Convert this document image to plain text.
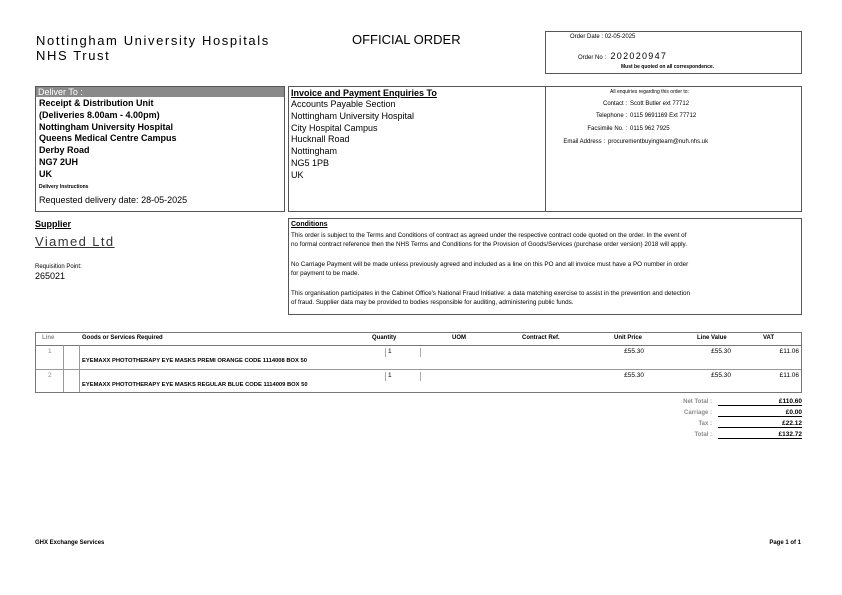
Nottingham University Hospitals
NHS Trust
OFFICIAL ORDER	Order Date : 02-05-2025
Order No : 202020947
Must be quoted on all correspondence.
Deliver To :
Receipt & Distribution Unit
(Deliveries 8.00am - 4.00pm)
Nottingham University Hospital
Queens Medical Centre Campus
Derby Road
NG7 2UH
UK
Delivery Instructions
Requested delivery date: 28-05-2025
Invoice and Payment Enquiries To
Accounts Payable Section
Nottingham University Hospital
City Hospital Campus
Hucknall Road
Nottingham
NG5 1PB
UK
All enquiries regarding this order to:
Contact : Scott Butler ext 77712
Telephone : 0115 9691169 Ext 77712
Facsimile No. : 0115 962 7925
Email Address : procurementbuyingteam@nuh.nhs.uk
Supplier
Viamed Ltd
Requisition Point:
265021
Conditions
This order is subject to the Terms and Conditions of contract as agreed under the respective contract code quoted on the order. In the event of
no formal contract reference then the NHS Terms and Conditions for the Provision of Goods/Services (purchase order version) 2018 will apply.
No Carriage Payment will be made unless previously agreed and included as a line on this PO and all invoice must have a PO number in order
for payment to be made.
This organisation participates in the Cabinet Office's National Fraud Initiative: a data matching exercise to assist in the prevention and detection
of fraud. Supplier data may be provided to bodies responsible for auditing, administering public funds.
Line	Goods or Services Required	Quantity	UOM	Contract Ref.	Unit Price	Line Value	VAT
1	1	£55.30	£55.30	£11.06
EYEMAXX PHOTOTHERAPY EYE MASKS PREMI ORANGE CODE 1114008 BOX 50
2	1	£55.30	£55.30	£11.06
EYEMAXX PHOTOTHERAPY EYE MASKS REGULAR BLUE CODE 1114009 BOX 50
Net Total :	£110.60
Carriage :	£0.00
Tax :	£22.12
Total :	£132.72
GHX Exchange Services	Page 1 of 1
